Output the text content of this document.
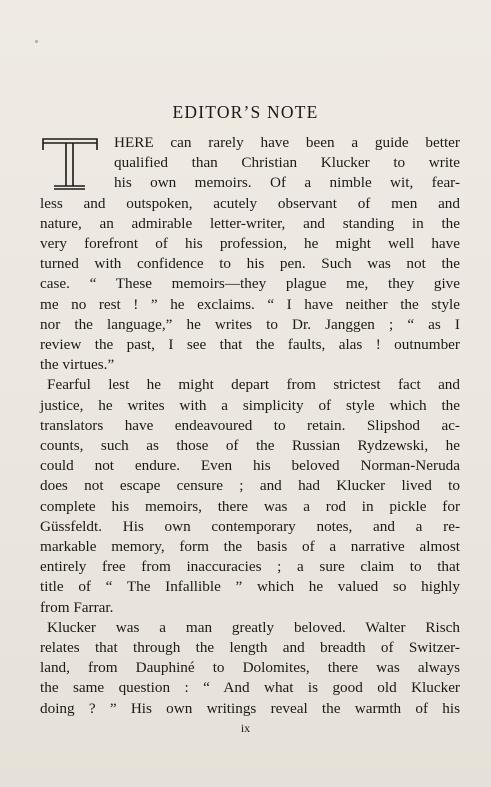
EDITOR’S NOTE
HERE can rarely have been a guide better
qualified than Christian Klucker to write
his own memoirs. Of a nimble wit, fear-
less and outspoken, acutely observant of men and
nature, an admirable letter-writer, and standing in the
very forefront of his profession, he might well have
turned with confidence to his pen. Such was not the
case. “ These memoirs—they plague me, they give
me no rest ! ” he exclaims. “ I have neither the style
nor the language,” he writes to Dr. Janggen ; “ as I
review the past, I see that the faults, alas ! outnumber
the virtues.”
Fearful lest he might depart from strictest fact and
justice, he writes with a simplicity of style which the
translators have endeavoured to retain. Slipshod ac-
counts, such as those of the Russian Rydzewski, he
could not endure. Even his beloved Norman-Neruda
does not escape censure ; and had Klucker lived to
complete his memoirs, there was a rod in pickle for
Güssfeldt. His own contemporary notes, and a re-
markable memory, form the basis of a narrative almost
entirely free from inaccuracies ; a sure claim to that
title of “ The Infallible ” which he valued so highly
from Farrar.
Klucker was a man greatly beloved. Walter Risch
relates that through the length and breadth of Switzer-
land, from Dauphiné to Dolomites, there was always
the same question : “ And what is good old Klucker
doing ? ” His own writings reveal the warmth of his
ix
